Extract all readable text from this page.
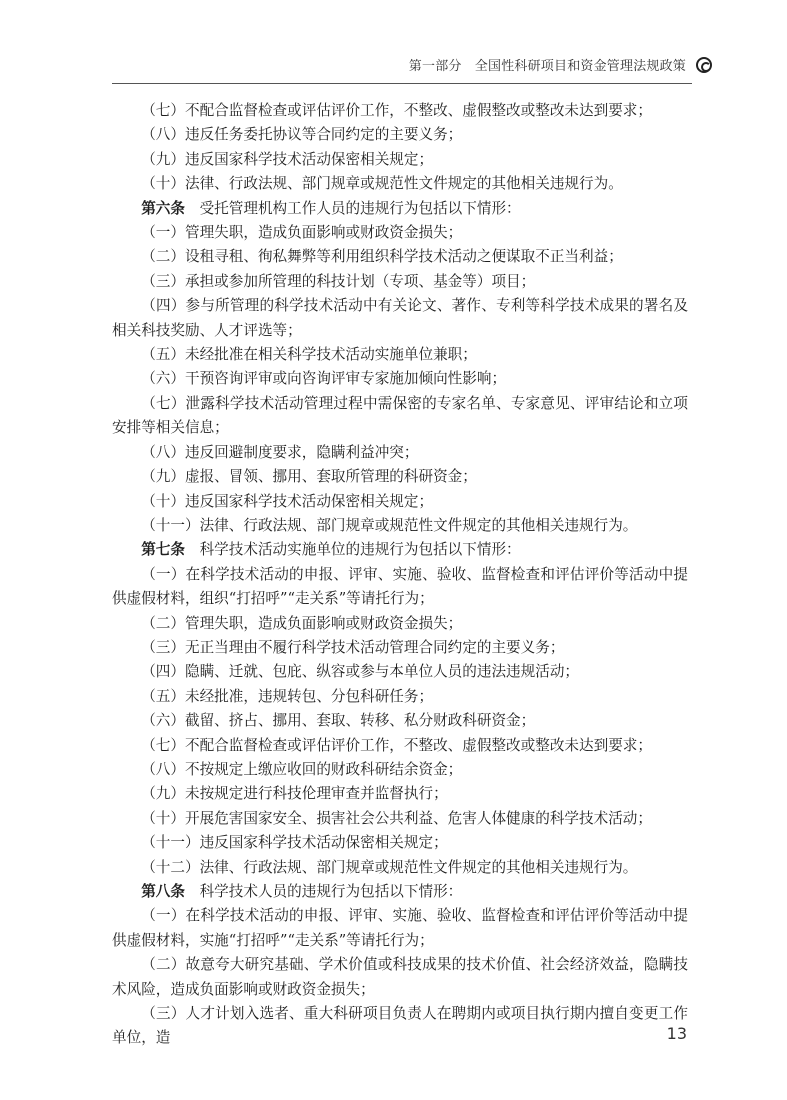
第一部分　全国性科研项目和资金管理法规政策

（七）不配合监督检查或评估评价工作，不整改、虚假整改或整改未达到要求；

（八）违反任务委托协议等合同约定的主要义务；

（九）违反国家科学技术活动保密相关规定；

（十）法律、行政法规、部门规章或规范性文件规定的其他相关违规行为。

第六条　受托管理机构工作人员的违规行为包括以下情形：

（一）管理失职，造成负面影响或财政资金损失；

（二）设租寻租、徇私舞弊等利用组织科学技术活动之便谋取不正当利益；

（三）承担或参加所管理的科技计划（专项、基金等）项目；

（四）参与所管理的科学技术活动中有关论文、著作、专利等科学技术成果的署名及相关科技奖励、人才评选等；

（五）未经批准在相关科学技术活动实施单位兼职；

（六）干预咨询评审或向咨询评审专家施加倾向性影响；

（七）泄露科学技术活动管理过程中需保密的专家名单、专家意见、评审结论和立项安排等相关信息；

（八）违反回避制度要求，隐瞒利益冲突；

（九）虚报、冒领、挪用、套取所管理的科研资金；

（十）违反国家科学技术活动保密相关规定；

（十一）法律、行政法规、部门规章或规范性文件规定的其他相关违规行为。

第七条　科学技术活动实施单位的违规行为包括以下情形：

（一）在科学技术活动的申报、评审、实施、验收、监督检查和评估评价等活动中提供虚假材料，组织“打招呼”“走关系”等请托行为；

（二）管理失职，造成负面影响或财政资金损失；

（三）无正当理由不履行科学技术活动管理合同约定的主要义务；

（四）隐瞒、迁就、包庇、纵容或参与本单位人员的违法违规活动；

（五）未经批准，违规转包、分包科研任务；

（六）截留、挤占、挪用、套取、转移、私分财政科研资金；

（七）不配合监督检查或评估评价工作，不整改、虚假整改或整改未达到要求；

（八）不按规定上缴应收回的财政科研结余资金；

（九）未按规定进行科技伦理审查并监督执行；

（十）开展危害国家安全、损害社会公共利益、危害人体健康的科学技术活动；

（十一）违反国家科学技术活动保密相关规定；

（十二）法律、行政法规、部门规章或规范性文件规定的其他相关违规行为。

第八条　科学技术人员的违规行为包括以下情形：

（一）在科学技术活动的申报、评审、实施、验收、监督检查和评估评价等活动中提供虚假材料，实施“打招呼”“走关系”等请托行为；

（二）故意夸大研究基础、学术价值或科技成果的技术价值、社会经济效益，隐瞒技术风险，造成负面影响或财政资金损失；

（三）人才计划入选者、重大科研项目负责人在聘期内或项目执行期内擅自变更工作单位，造	13
